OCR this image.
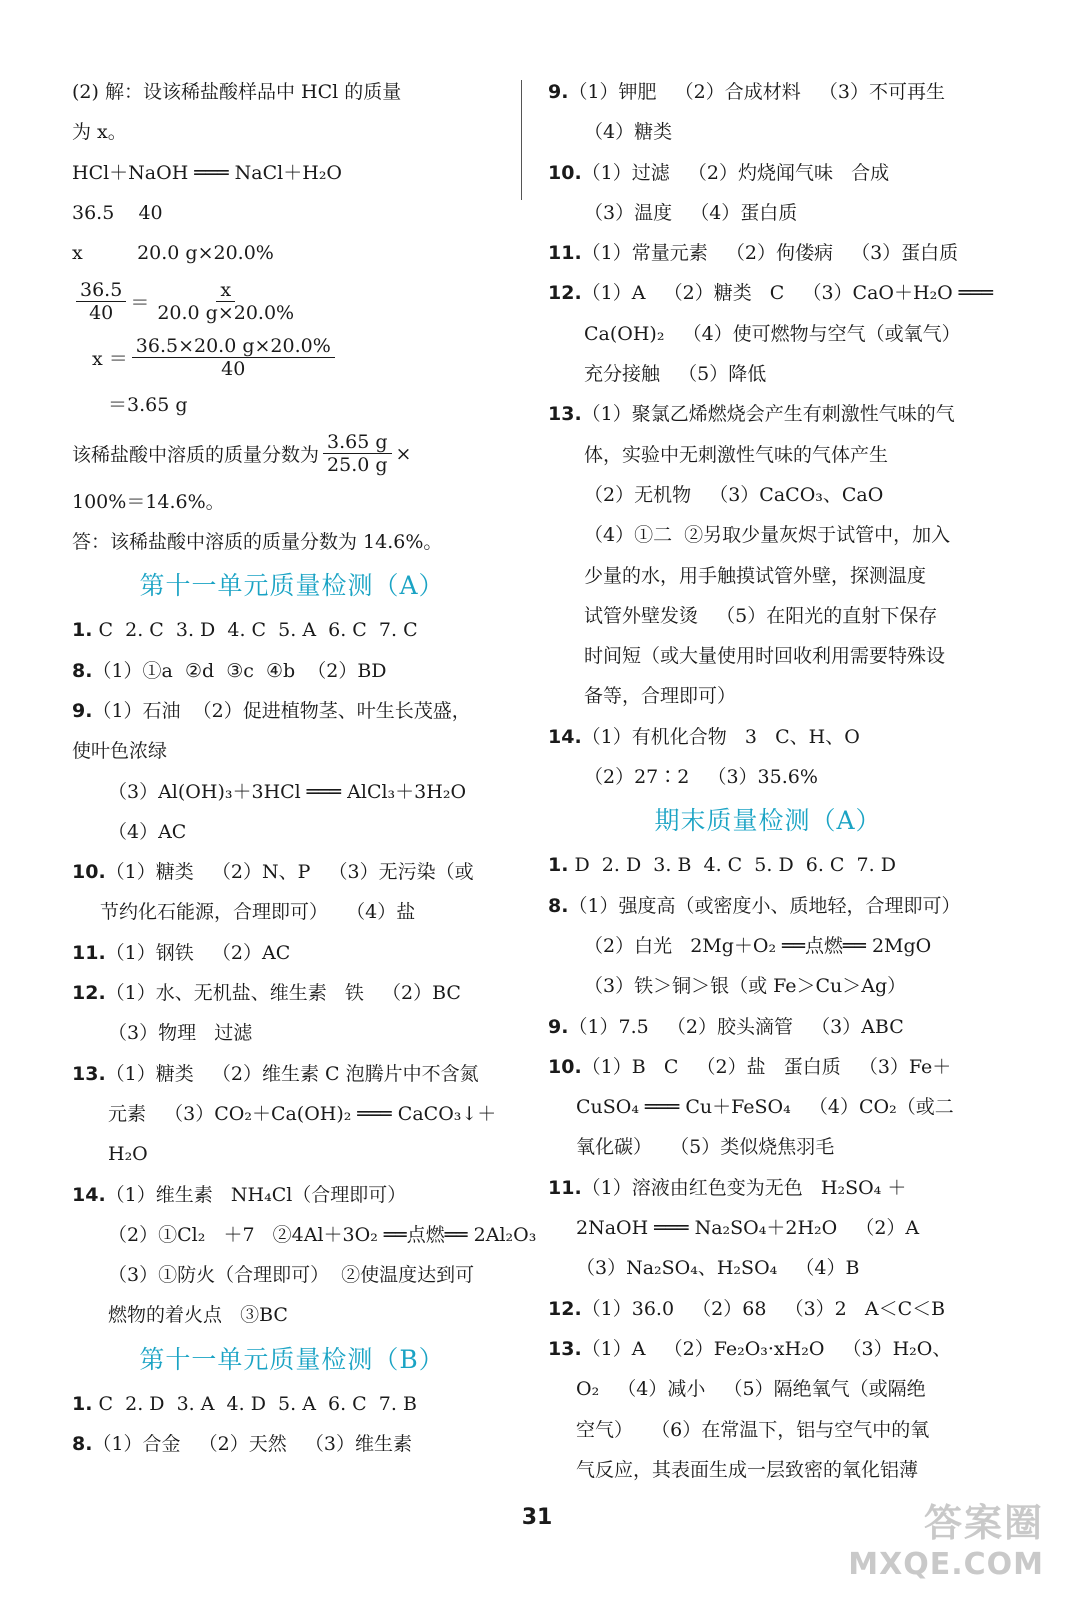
(2) 解：设该稀盐酸样品中 HCl 的质量
为 x。
HCl＋NaOH ═══ NaCl＋H₂O
36.5    40
x         20.0 g×20.0%
$\frac{36.5}{40} = \frac{x}{20.0 g\times 20.0\%}$
$x = \frac{36.5\times 20.0 g\times 20.0\%}{40}$
＝3.65 g
该稀盐酸中溶质的质量分数为 $\frac{3.65 g}{25.0 g}$ ×
100%＝14.6%。
答：该稀盐酸中溶质的质量分数为 14.6%。
第十一单元质量检测（A）
1. C  2. C  3. D  4. C  5. A  6. C  7. C
8.（1）①a  ②d  ③c  ④b  （2）BD
9.（1）石油  （2）促进植物茎、叶生长茂盛，
使叶色浓绿
（3）Al(OH)₃＋3HCl ═══ AlCl₃＋3H₂O
（4）AC
10.（1）糖类   （2）N、P   （3）无污染（或
节约化石能源，合理即可）   （4）盐
11.（1）钢铁   （2）AC
12.（1）水、无机盐、维生素   铁   （2）BC
（3）物理   过滤
13.（1）糖类   （2）维生素 C 泡腾片中不含氮
元素   （3）CO₂＋Ca(OH)₂ ═══ CaCO₃↓＋
H₂O
14.（1）维生素   NH₄Cl（合理即可）
（2）①Cl₂   ＋7   ②4Al＋3O₂ ══点燃══ 2Al₂O₃
（3）①防火（合理即可）  ②使温度达到可
燃物的着火点   ③BC
第十一单元质量检测（B）
1. C  2. D  3. A  4. D  5. A  6. C  7. B
8.（1）合金   （2）天然   （3）维生素
9.（1）钾肥   （2）合成材料   （3）不可再生
（4）糖类
10.（1）过滤   （2）灼烧闻气味   合成
（3）温度   （4）蛋白质
11.（1）常量元素   （2）佝偻病   （3）蛋白质
12.（1）A   （2）糖类   C   （3）CaO＋H₂O ═══
Ca(OH)₂   （4）使可燃物与空气（或氧气）
充分接触   （5）降低
13.（1）聚氯乙烯燃烧会产生有刺激性气味的气
体，实验中无刺激性气味的气体产生
（2）无机物   （3）CaCO₃、CaO
（4）①二  ②另取少量灰烬于试管中，加入
少量的水，用手触摸试管外壁，探测温度
试管外壁发烫   （5）在阳光的直射下保存
时间短（或大量使用时回收利用需要特殊设
备等，合理即可）
14.（1）有机化合物   3   C、H、O
（2）27∶2   （3）35.6%
期末质量检测（A）
1. D  2. D  3. B  4. C  5. D  6. C  7. D
8.（1）强度高（或密度小、质地轻，合理即可）
（2）白光   2Mg＋O₂ ══点燃══ 2MgO
（3）铁＞铜＞银（或 Fe＞Cu＞Ag）
9.（1）7.5   （2）胶头滴管   （3）ABC
10.（1）B   C   （2）盐   蛋白质   （3）Fe＋
CuSO₄ ═══ Cu＋FeSO₄   （4）CO₂（或二
氧化碳）   （5）类似烧焦羽毛
11.（1）溶液由红色变为无色   H₂SO₄ ＋
2NaOH ═══ Na₂SO₄＋2H₂O   （2）A
（3）Na₂SO₄、H₂SO₄   （4）B
12.（1）36.0   （2）68   （3）2   A＜C＜B
13.（1）A   （2）Fe₂O₃·xH₂O   （3）H₂O、
O₂   （4）减小   （5）隔绝氧气（或隔绝
空气）   （6）在常温下，铝与空气中的氧
气反应，其表面生成一层致密的氧化铝薄
31	答案圈
MXQE.COM
